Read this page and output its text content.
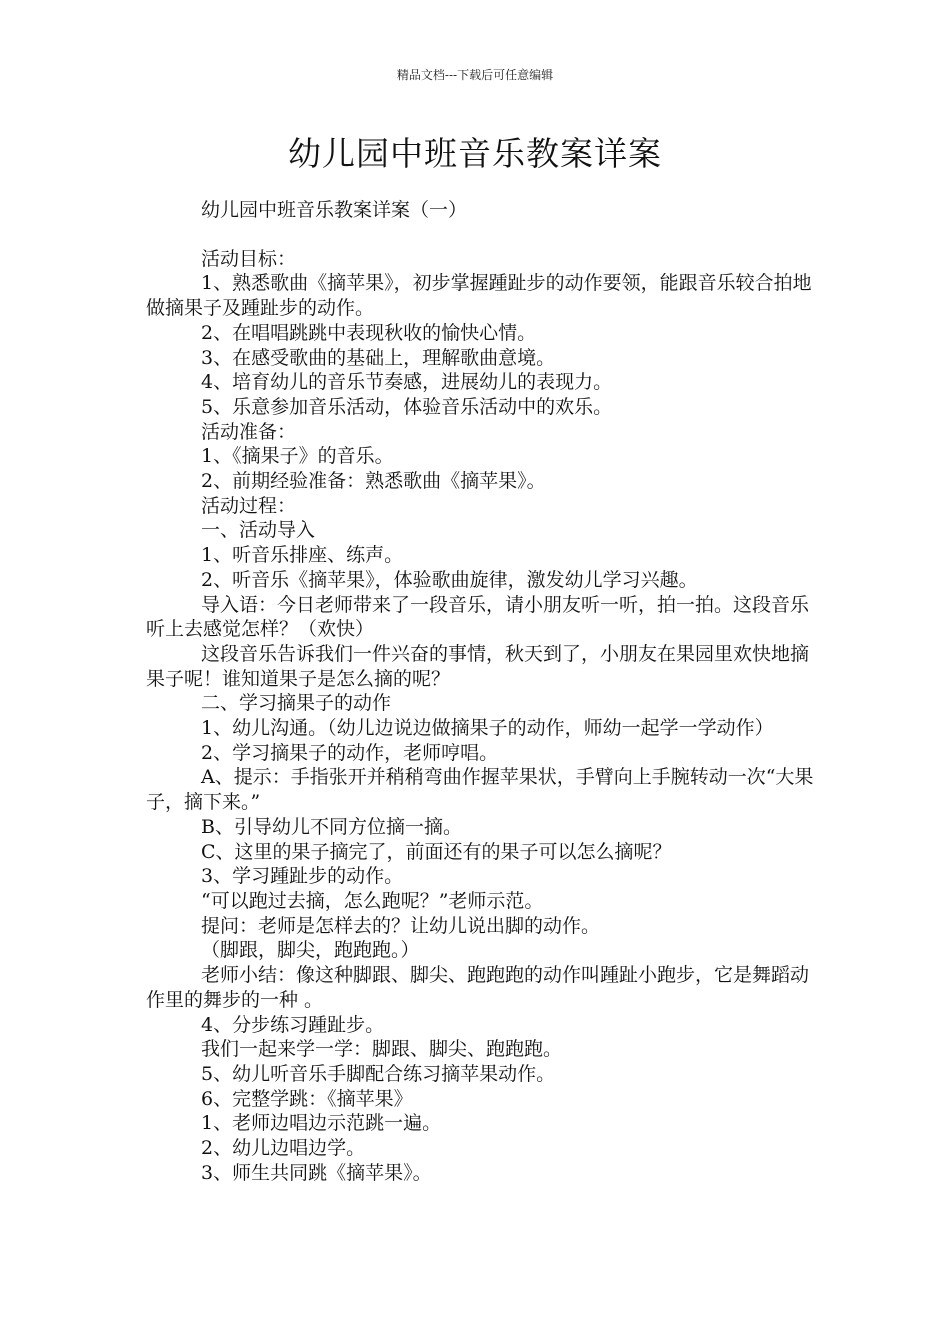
精品文档---下载后可任意编辑
幼儿园中班音乐教案详案

幼儿园中班音乐教案详案（一）

活动目标：

1、熟悉歌曲《摘苹果》，初步掌握踵趾步的动作要领，能跟音乐较合拍地做摘果子及踵趾步的动作。

2、在唱唱跳跳中表现秋收的愉快心情。

3、在感受歌曲的基础上，理解歌曲意境。

4、培育幼儿的音乐节奏感，进展幼儿的表现力。

5、乐意参加音乐活动，体验音乐活动中的欢乐。

活动准备：

1、《摘果子》的音乐。

2、前期经验准备：熟悉歌曲《摘苹果》。

活动过程：

一、活动导入

1、听音乐排座、练声。

2、听音乐《摘苹果》，体验歌曲旋律，激发幼儿学习兴趣。

导入语：今日老师带来了一段音乐，请小朋友听一听，拍一拍。这段音乐听上去感觉怎样？（欢快）

这段音乐告诉我们一件兴奋的事情，秋天到了，小朋友在果园里欢快地摘果子呢！谁知道果子是怎么摘的呢？

二、学习摘果子的动作

1、幼儿沟通。（幼儿边说边做摘果子的动作，师幼一起学一学动作）

2、学习摘果子的动作，老师哼唱。

A、提示：手指张开并稍稍弯曲作握苹果状，手臂向上手腕转动一次“大果子，摘下来。”

B、引导幼儿不同方位摘一摘。

C、这里的果子摘完了，前面还有的果子可以怎么摘呢？

3、学习踵趾步的动作。

“可以跑过去摘，怎么跑呢？”老师示范。

提问：老师是怎样去的？让幼儿说出脚的动作。

（脚跟，脚尖，跑跑跑。）

老师小结：像这种脚跟、脚尖、跑跑跑的动作叫踵趾小跑步，它是舞蹈动作里的舞步的一种 。

4、分步练习踵趾步。

我们一起来学一学：脚跟、脚尖、跑跑跑。

5、幼儿听音乐手脚配合练习摘苹果动作。

6、完整学跳：《摘苹果》

1、老师边唱边示范跳一遍。

2、幼儿边唱边学。

3、师生共同跳《摘苹果》。
